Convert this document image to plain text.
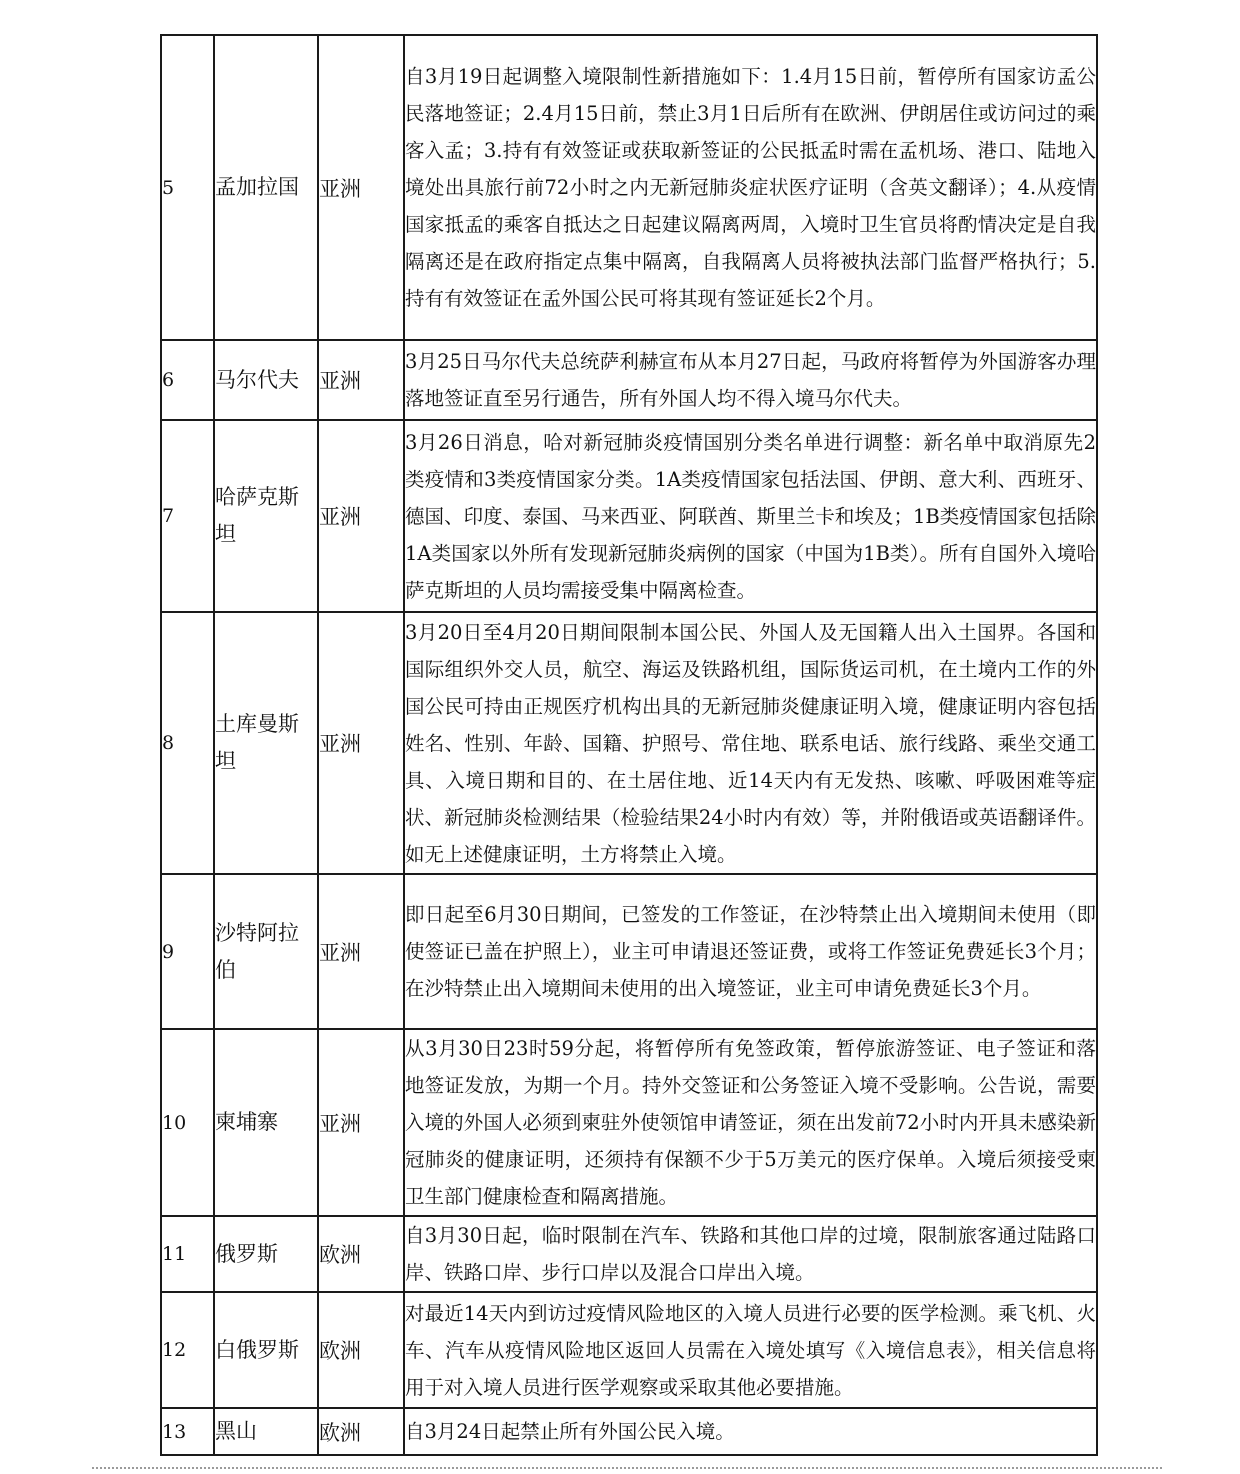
5	孟加拉国	亚洲	自3月19日起调整入境限制性新措施如下：1.4月15日前，暂停所有国家访孟公民落地签证；2.4月15日前，禁止3月1日后所有在欧洲、伊朗居住或访问过的乘客入孟；3.持有有效签证或获取新签证的公民抵孟时需在孟机场、港口、陆地入境处出具旅行前72小时之内无新冠肺炎症状医疗证明（含英文翻译）；4.从疫情国家抵孟的乘客自抵达之日起建议隔离两周，入境时卫生官员将酌情决定是自我隔离还是在政府指定点集中隔离，自我隔离人员将被执法部门监督严格执行；5.持有有效签证在孟外国公民可将其现有签证延长2个月。
6	马尔代夫	亚洲	3月25日马尔代夫总统萨利赫宣布从本月27日起，马政府将暂停为外国游客办理落地签证直至另行通告，所有外国人均不得入境马尔代夫。
7	哈萨克斯坦	亚洲	3月26日消息，哈对新冠肺炎疫情国别分类名单进行调整：新名单中取消原先2类疫情和3类疫情国家分类。1A类疫情国家包括法国、伊朗、意大利、西班牙、德国、印度、泰国、马来西亚、阿联酋、斯里兰卡和埃及；1B类疫情国家包括除1A类国家以外所有发现新冠肺炎病例的国家（中国为1B类）。所有自国外入境哈萨克斯坦的人员均需接受集中隔离检查。
8	土库曼斯坦	亚洲	3月20日至4月20日期间限制本国公民、外国人及无国籍人出入土国界。各国和国际组织外交人员，航空、海运及铁路机组，国际货运司机，在土境内工作的外国公民可持由正规医疗机构出具的无新冠肺炎健康证明入境，健康证明内容包括姓名、性别、年龄、国籍、护照号、常住地、联系电话、旅行线路、乘坐交通工具、入境日期和目的、在土居住地、近14天内有无发热、咳嗽、呼吸困难等症状、新冠肺炎检测结果（检验结果24小时内有效）等，并附俄语或英语翻译件。如无上述健康证明，土方将禁止入境。
9	沙特阿拉伯	亚洲	即日起至6月30日期间，已签发的工作签证，在沙特禁止出入境期间未使用（即使签证已盖在护照上），业主可申请退还签证费，或将工作签证免费延长3个月；在沙特禁止出入境期间未使用的出入境签证，业主可申请免费延长3个月。
10	柬埔寨	亚洲	从3月30日23时59分起，将暂停所有免签政策，暂停旅游签证、电子签证和落地签证发放，为期一个月。持外交签证和公务签证入境不受影响。公告说，需要入境的外国人必须到柬驻外使领馆申请签证，须在出发前72小时内开具未感染新冠肺炎的健康证明，还须持有保额不少于5万美元的医疗保单。入境后须接受柬卫生部门健康检查和隔离措施。
11	俄罗斯	欧洲	自3月30日起，临时限制在汽车、铁路和其他口岸的过境，限制旅客通过陆路口岸、铁路口岸、步行口岸以及混合口岸出入境。
12	白俄罗斯	欧洲	对最近14天内到访过疫情风险地区的入境人员进行必要的医学检测。乘飞机、火车、汽车从疫情风险地区返回人员需在入境处填写《入境信息表》，相关信息将用于对入境人员进行医学观察或采取其他必要措施。
13	黑山	欧洲	自3月24日起禁止所有外国公民入境。
